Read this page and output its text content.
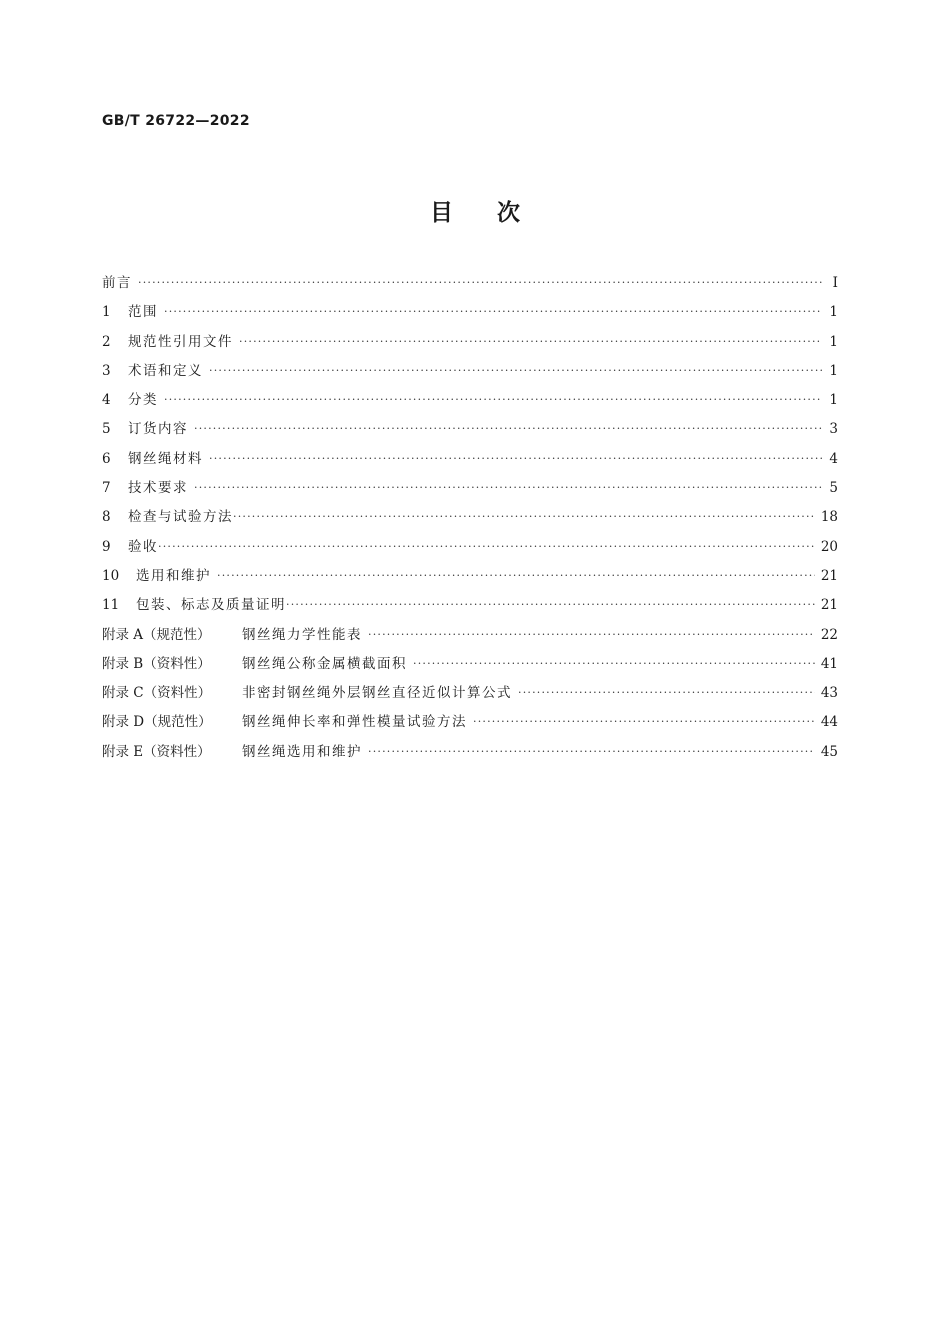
GB/T 26722—2022
目次
前言 ·····	Ⅰ
1	范围 ·····	1
2	规范性引用文件 ·····	1
3	术语和定义 ·····	1
4	分类 ·····	1
5	订货内容 ·····	3
6	钢丝绳材料 ·····	4
7	技术要求 ·····	5
8	检查与试验方法 ·····	18
9	验收 ·····	20
10	选用和维护 ·····	21
11	包装、标志及质量证明 ·····	21
附录 A（规范性）	钢丝绳力学性能表 ·····	22
附录 B（资料性）	钢丝绳公称金属横截面积 ·····	41
附录 C（资料性）	非密封钢丝绳外层钢丝直径近似计算公式 ·····	43
附录 D（规范性）	钢丝绳伸长率和弹性模量试验方法 ·····	44
附录 E（资料性）	钢丝绳选用和维护 ·····	45
